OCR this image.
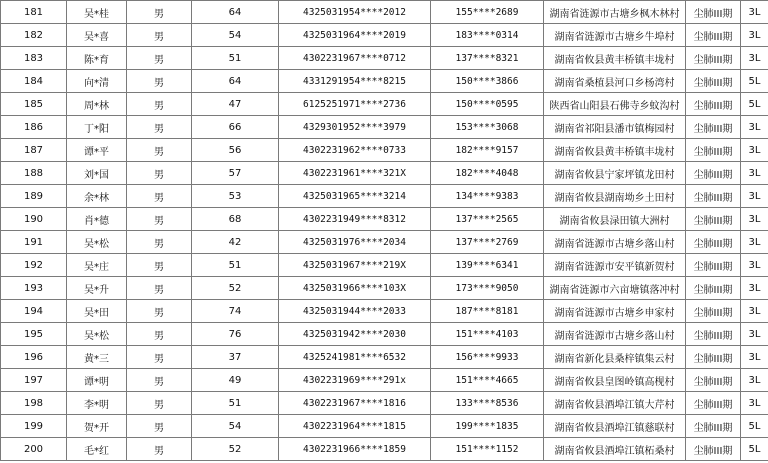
181	吴*桂	男	64	4325031954****2012	155****2689	湖南省涟源市古塘乡枫木林村	尘肺III期	3L
182	吴*喜	男	54	4325031964****2019	183****0314	湖南省涟源市古塘乡牛埠村	尘肺III期	3L
183	陈*育	男	51	4302231967****0712	137****8321	湖南省攸县黄丰桥镇丰垅村	尘肺III期	3L
184	向*清	男	64	4331291954****8215	150****3866	湖南省桑植县河口乡杨湾村	尘肺III期	5L
185	周*林	男	47	6125251971****2736	150****0595	陕西省山阳县石佛寺乡蚊沟村	尘肺III期	5L
186	丁*阳	男	66	4329301952****3979	153****3068	湖南省祁阳县潘市镇梅园村	尘肺III期	3L
187	谭*平	男	56	4302231962****0733	182****9157	湖南省攸县黄丰桥镇丰垅村	尘肺III期	3L
188	刘*国	男	57	4302231961****321X	182****4048	湖南省攸县宁家坪镇龙田村	尘肺III期	3L
189	余*林	男	53	4325031965****3214	134****9383	湖南省攸县湖南坳乡土田村	尘肺III期	3L
190	肖*德	男	68	4302231949****8312	137****2565	湖南省攸县渌田镇大洲村	尘肺III期	3L
191	吴*松	男	42	4325031976****2034	137****2769	湖南省涟源市古塘乡落山村	尘肺III期	3L
192	吴*庄	男	51	4325031967****219X	139****6341	湖南省涟源市安平镇新贺村	尘肺III期	3L
193	吴*升	男	52	4325031966****103X	173****9050	湖南省涟源市六亩塘镇落冲村	尘肺III期	3L
194	吴*田	男	74	4325031944****2033	187****8181	湖南省涟源市古塘乡申家村	尘肺III期	3L
195	吴*松	男	76	4325031942****2030	151****4103	湖南省涟源市古塘乡落山村	尘肺III期	3L
196	黄*三	男	37	4325241981****6532	156****9933	湖南省新化县桑梓镇集云村	尘肺III期	3L
197	谭*明	男	49	4302231969****291x	151****4665	湖南省攸县皇图岭镇高枧村	尘肺III期	3L
198	李*明	男	51	4302231967****1816	133****8536	湖南省攸县酒埠江镇大芹村	尘肺III期	3L
199	贺*开	男	54	4302231964****1815	199****1835	湖南省攸县酒埠江镇慈联村	尘肺III期	5L
200	毛*红	男	52	4302231966****1859	151****1152	湖南省攸县酒埠江镇柘桑村	尘肺III期	5L
